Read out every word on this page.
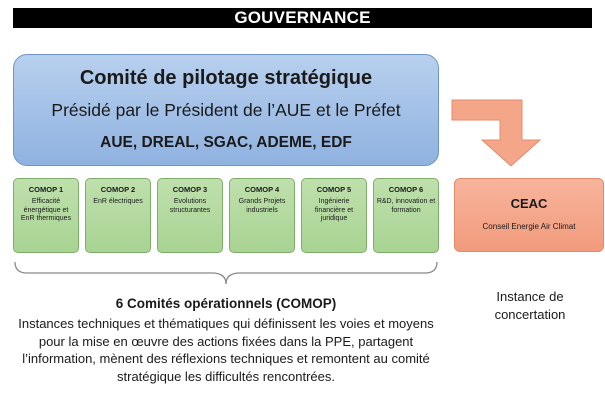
GOUVERNANCE
Comité de pilotage stratégique
Présidé par le Président de l’AUE et le Préfet
AUE, DREAL, SGAC, ADEME, EDF
COMOP 1
Efficacité énergétique et EnR thermiques
COMOP 2
EnR électriques
COMOP 3
Evolutions structurantes
COMOP 4
Grands Projets industriels
COMOP 5
Ingénierie financière et juridique
COMOP 6
R&D, innovation et formation	CEAC
Conseil Energie Air Climat
6 Comités opérationnels (COMOP)
Instances techniques et thématiques qui définissent les voies et moyens pour la mise en œuvre des actions fixées dans la PPE, partagent l’information, mènent des réflexions techniques et remontent au comité stratégique les difficultés rencontrées.
Instance de concertation
